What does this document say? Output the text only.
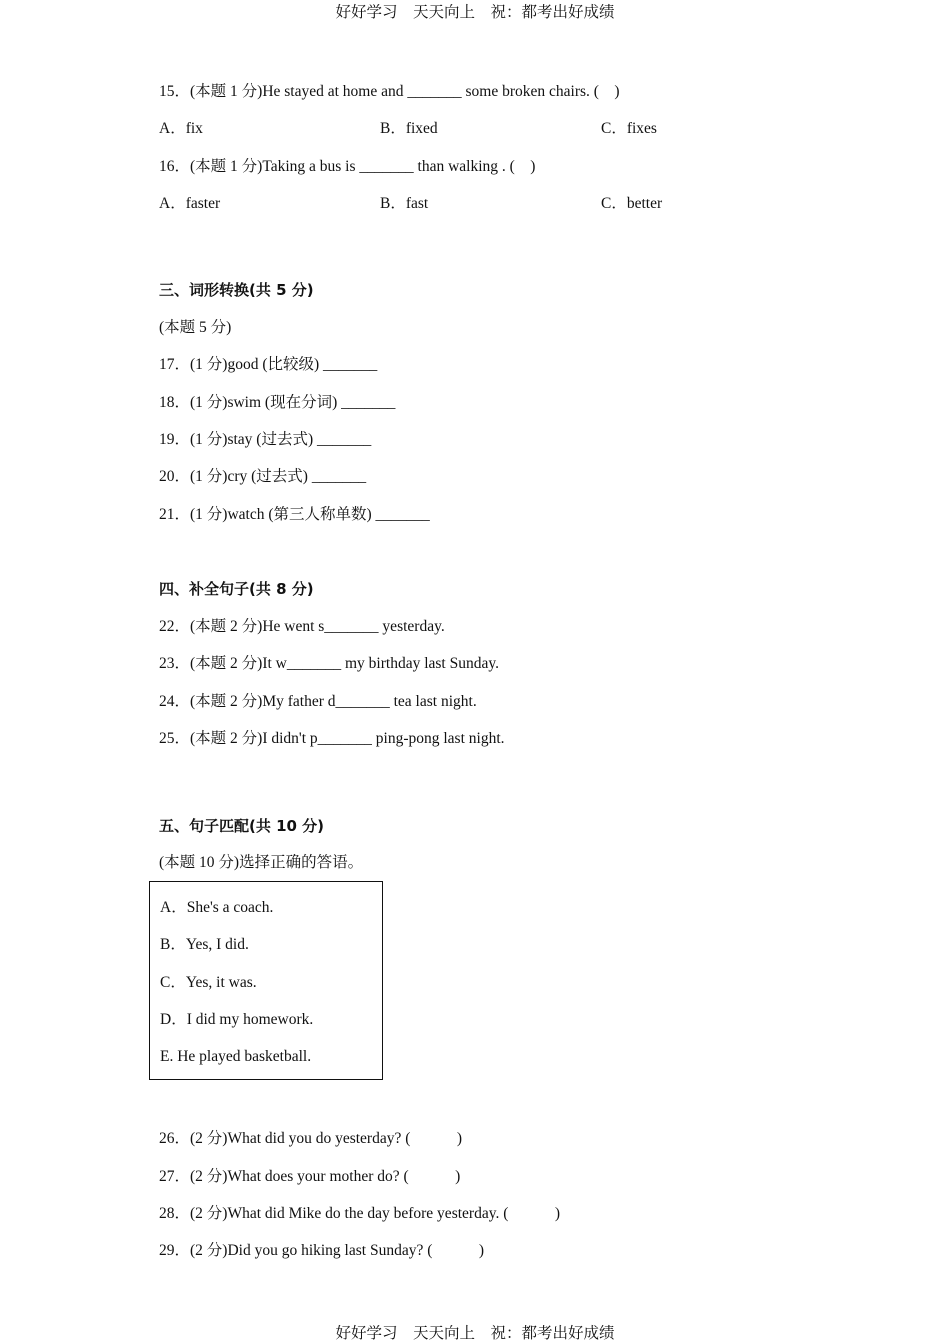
好好学习　天天向上　祝：都考出好成绩
15．(本题 1 分)He stayed at home and _______ some broken chairs. (　)
A．fix	B．fixed	C．fixes
16．(本题 1 分)Taking a bus is _______ than walking . (　)
A．faster	B．fast	C．better
三、词形转换(共 5 分)
(本题 5 分)
17．(1 分)good (比较级) _______
18．(1 分)swim (现在分词) _______
19．(1 分)stay (过去式) _______
20．(1 分)cry (过去式) _______
21．(1 分)watch (第三人称单数) _______
四、补全句子(共 8 分)
22．(本题 2 分)He went s_______ yesterday.
23．(本题 2 分)It w_______ my birthday last Sunday.
24．(本题 2 分)My father d_______ tea last night.
25．(本题 2 分)I didn't p_______ ping-pong last night.
五、句子匹配(共 10 分)
(本题 10 分)选择正确的答语。
A．She's a coach.
B．Yes, I did.
C．Yes, it was.
D．I did my homework.
E. He played basketball.
26．(2 分)What did you do yesterday? (　　　)
27．(2 分)What does your mother do? (　　　)
28．(2 分)What did Mike do the day before yesterday. (　　　)
29．(2 分)Did you go hiking last Sunday? (　　　)
好好学习　天天向上　祝：都考出好成绩
